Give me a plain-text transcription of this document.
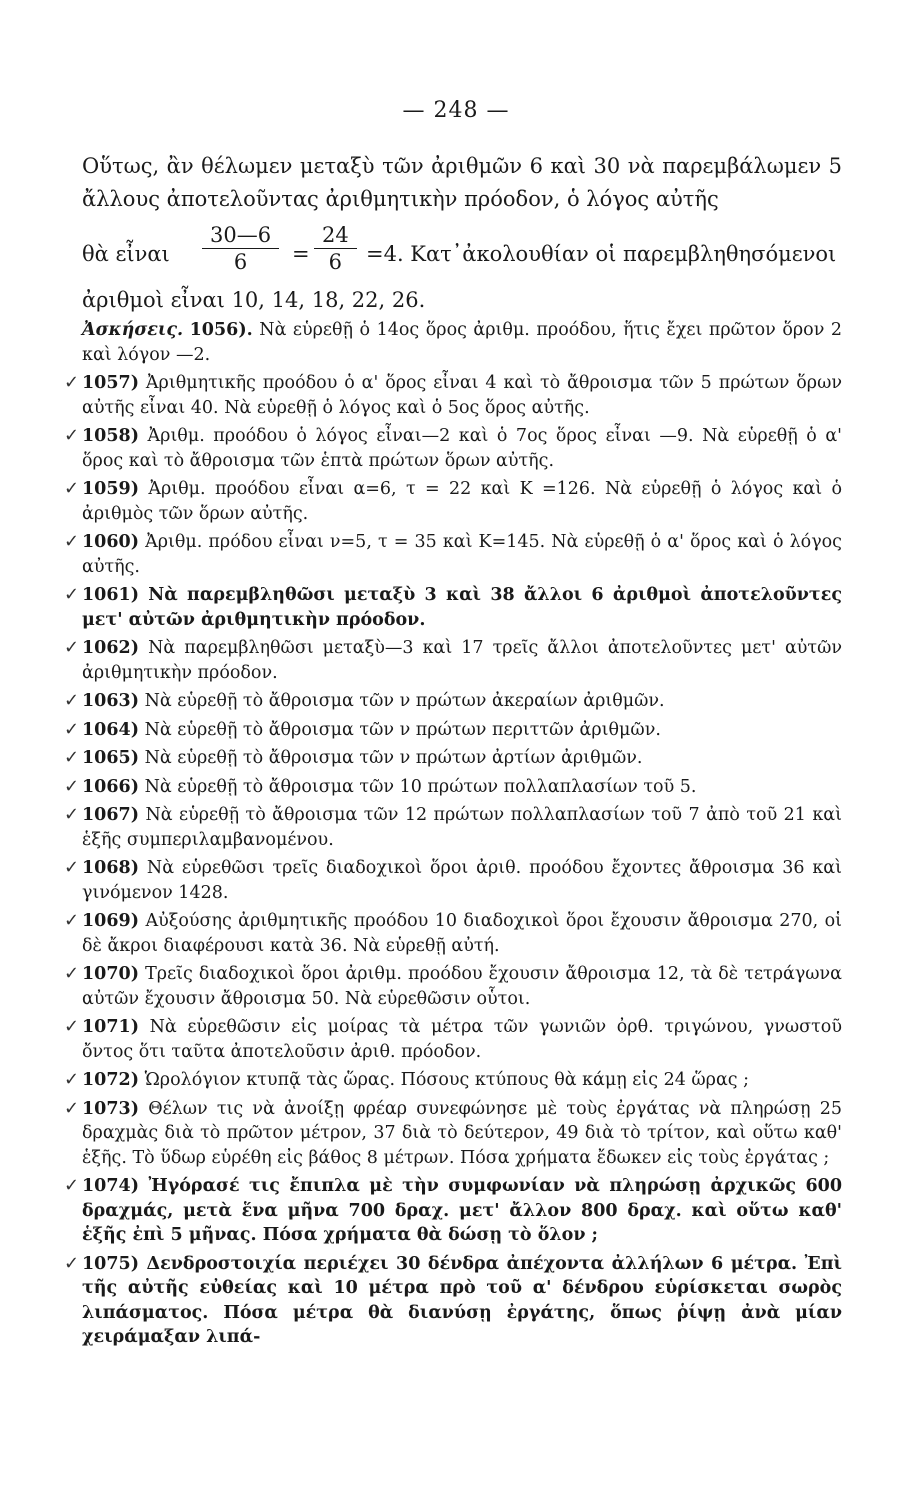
— 248 —

Οὕτως, ἂν θέλωμεν μεταξὺ τῶν ἀριθμῶν 6 καὶ 30 νὰ παρεμβάλωμεν 5 ἄλλους ἀποτελοῦντας ἀριθμητικὴν πρόοδον, ὁ λόγος αὐτῆς

θὰ εἶναι $\frac{30—6}{6} = \frac{24}{6} =4$. Κατ᾽ἀκολουθίαν οἱ παρεμβληθησόμενοι

ἀριθμοὶ εἶναι 10, 14, 18, 22, 26.

Ἀσκήσεις. 1056). Νὰ εὑρεθῇ ὁ 14ος ὅρος ἀριθμ. προόδου, ἥτις ἔχει πρῶτον ὅρον 2 καὶ λόγον —2.
✓ 1057) Ἀριθμητικῆς προόδου ὁ α' ὅρος εἶναι 4 καὶ τὸ ἄθροισμα τῶν 5 πρώτων ὅρων αὐτῆς εἶναι 40. Νὰ εὑρεθῇ ὁ λόγος καὶ ὁ 5ος ὅρος αὐτῆς.
✓ 1058) Ἀριθμ. προόδου ὁ λόγος εἶναι—2 καὶ ὁ 7ος ὅρος εἶναι —9. Νὰ εὑρεθῇ ὁ α' ὅρος καὶ τὸ ἄθροισμα τῶν ἑπτὰ πρώτων ὅρων αὐτῆς.
✓ 1059) Ἀριθμ. προόδου εἶναι α=6, τ = 22 καὶ Κ =126. Νὰ εὑρεθῇ ὁ λόγος καὶ ὁ ἀριθμὸς τῶν ὅρων αὐτῆς.
✓ 1060) Ἀριθμ. πρόδου εἶναι ν=5, τ = 35 καὶ Κ=145. Νὰ εὑρεθῇ ὁ α' ὅρος καὶ ὁ λόγος αὐτῆς.
✓ 1061) Νὰ παρεμβληθῶσι μεταξὺ 3 καὶ 38 ἄλλοι 6 ἀριθμοὶ ἀποτελοῦντες μετ' αὐτῶν ἀριθμητικὴν πρόοδον.
✓ 1062) Νὰ παρεμβληθῶσι μεταξὺ—3 καὶ 17 τρεῖς ἄλλοι ἀποτελοῦντες μετ' αὐτῶν ἀριθμητικὴν πρόοδον.
✓ 1063) Νὰ εὑρεθῇ τὸ ἄθροισμα τῶν ν πρώτων ἀκεραίων ἀριθμῶν.
✓ 1064) Νὰ εὑρεθῇ τὸ ἄθροισμα τῶν ν πρώτων περιττῶν ἀριθμῶν.
✓ 1065) Νὰ εὑρεθῇ τὸ ἄθροισμα τῶν ν πρώτων ἀρτίων ἀριθμῶν.
✓ 1066) Νὰ εὑρεθῇ τὸ ἄθροισμα τῶν 10 πρώτων πολλαπλασίων τοῦ 5.
✓ 1067) Νὰ εὑρεθῇ τὸ ἄθροισμα τῶν 12 πρώτων πολλαπλασίων τοῦ 7 ἀπὸ τοῦ 21 καὶ ἑξῆς συμπεριλαμβανομένου.
✓ 1068) Νὰ εὑρεθῶσι τρεῖς διαδοχικοὶ ὅροι ἀριθ. προόδου ἔχοντες ἄθροισμα 36 καὶ γινόμενον 1428.
✓ 1069) Αὐξούσης ἀριθμητικῆς προόδου 10 διαδοχικοὶ ὅροι ἔχουσιν ἄθροισμα 270, οἱ δὲ ἄκροι διαφέρουσι κατὰ 36. Νὰ εὑρεθῇ αὐτή.
✓ 1070) Τρεῖς διαδοχικοὶ ὅροι ἀριθμ. προόδου ἔχουσιν ἄθροισμα 12, τὰ δὲ τετράγωνα αὐτῶν ἔχουσιν ἄθροισμα 50. Νὰ εὑρεθῶσιν οὗτοι.
✓ 1071) Νὰ εὑρεθῶσιν εἰς μοίρας τὰ μέτρα τῶν γωνιῶν ὀρθ. τριγώνου, γνωστοῦ ὄντος ὅτι ταῦτα ἀποτελοῦσιν ἀριθ. πρόοδον.
✓ 1072) Ὡρολόγιον κτυπᾷ τὰς ὥρας. Πόσους κτύπους θὰ κάμῃ εἰς 24 ὥρας ;
✓ 1073) Θέλων τις νὰ ἀνοίξῃ φρέαρ συνεφώνησε μὲ τοὺς ἐργάτας νὰ πληρώσῃ 25 δραχμὰς διὰ τὸ πρῶτον μέτρον, 37 διὰ τὸ δεύτερον, 49 διὰ τὸ τρίτον, καὶ οὕτω καθ' ἑξῆς. Τὸ ὕδωρ εὑρέθη εἰς βάθος 8 μέτρων. Πόσα χρήματα ἔδωκεν εἰς τοὺς ἐργάτας ;
✓ 1074) Ἠγόρασέ τις ἔπιπλα μὲ τὴν συμφωνίαν νὰ πληρώσῃ ἀρχικῶς 600 δραχμάς, μετὰ ἕνα μῆνα 700 δραχ. μετ' ἄλλον 800 δραχ. καὶ οὕτω καθ' ἑξῆς ἐπὶ 5 μῆνας. Πόσα χρήματα θὰ δώσῃ τὸ ὅλον ;
✓ 1075) Δενδροστοιχία περιέχει 30 δένδρα ἀπέχοντα ἀλλήλων 6 μέτρα. Ἐπὶ τῆς αὐτῆς εὐθείας καὶ 10 μέτρα πρὸ τοῦ α' δένδρου εὑρίσκεται σωρὸς λιπάσματος. Πόσα μέτρα θὰ διανύσῃ ἐργάτης, ὅπως ῥίψῃ ἀνὰ μίαν χειράμαξαν λιπά-
